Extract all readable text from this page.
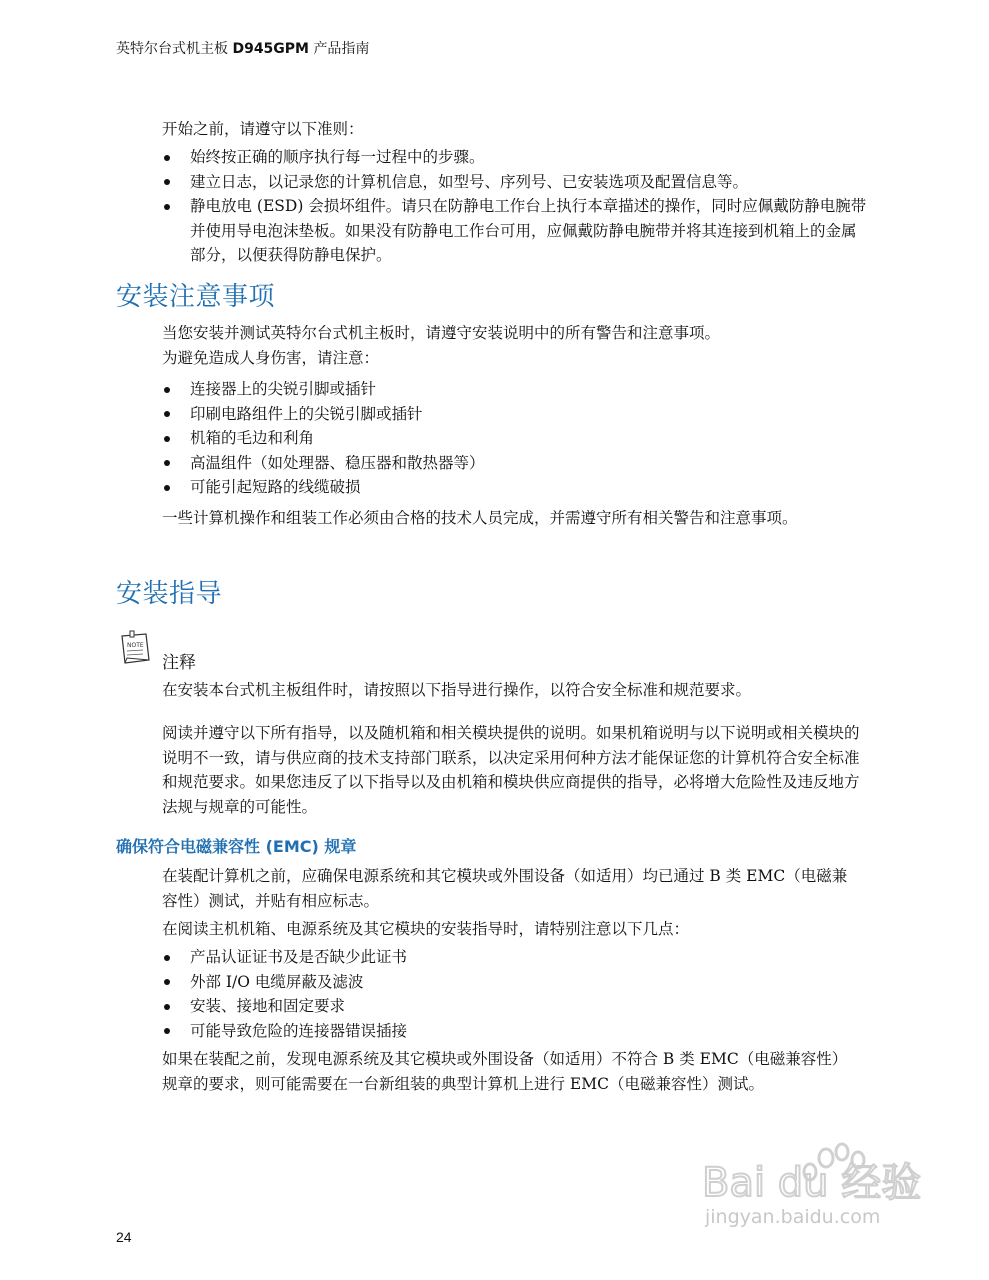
英特尔台式机主板 D945GPM 产品指南

开始之前，请遵守以下准则：

始终按正确的顺序执行每一过程中的步骤。
建立日志，以记录您的计算机信息，如型号、序列号、已安装选项及配置信息等。
静电放电 (ESD) 会损坏组件。请只在防静电工作台上执行本章描述的操作，同时应佩戴防静电腕带并使用导电泡沫垫板。如果没有防静电工作台可用，应佩戴防静电腕带并将其连接到机箱上的金属部分，以便获得防静电保护。
安装注意事项

当您安装并测试英特尔台式机主板时，请遵守安装说明中的所有警告和注意事项。

为避免造成人身伤害，请注意：

连接器上的尖锐引脚或插针
印刷电路组件上的尖锐引脚或插针
机箱的毛边和利角
高温组件（如处理器、稳压器和散热器等）
可能引起短路的线缆破损

一些计算机操作和组装工作必须由合格的技术人员完成，并需遵守所有相关警告和注意事项。

安装指导
NOTE
注释

在安装本台式机主板组件时，请按照以下指导进行操作，以符合安全标准和规范要求。

阅读并遵守以下所有指导，以及随机箱和相关模块提供的说明。如果机箱说明与以下说明或相关模块的说明不一致，请与供应商的技术支持部门联系，以决定采用何种方法才能保证您的计算机符合安全标准和规范要求。如果您违反了以下指导以及由机箱和模块供应商提供的指导，必将增大危险性及违反地方法规与规章的可能性。

确保符合电磁兼容性 (EMC) 规章

在装配计算机之前，应确保电源系统和其它模块或外围设备（如适用）均已通过 B 类 EMC（电磁兼容性）测试，并贴有相应标志。

在阅读主机机箱、电源系统及其它模块的安装指导时，请特别注意以下几点：

产品认证证书及是否缺少此证书
外部 I/O 电缆屏蔽及滤波
安装、接地和固定要求
可能导致危险的连接器错误插接

如果在装配之前，发现电源系统及其它模块或外围设备（如适用）不符合 B 类 EMC（电磁兼容性）规章的要求，则可能需要在一台新组装的典型计算机上进行 EMC（电磁兼容性）测试。

Bai du 经验
jingyan.baidu.com
24
